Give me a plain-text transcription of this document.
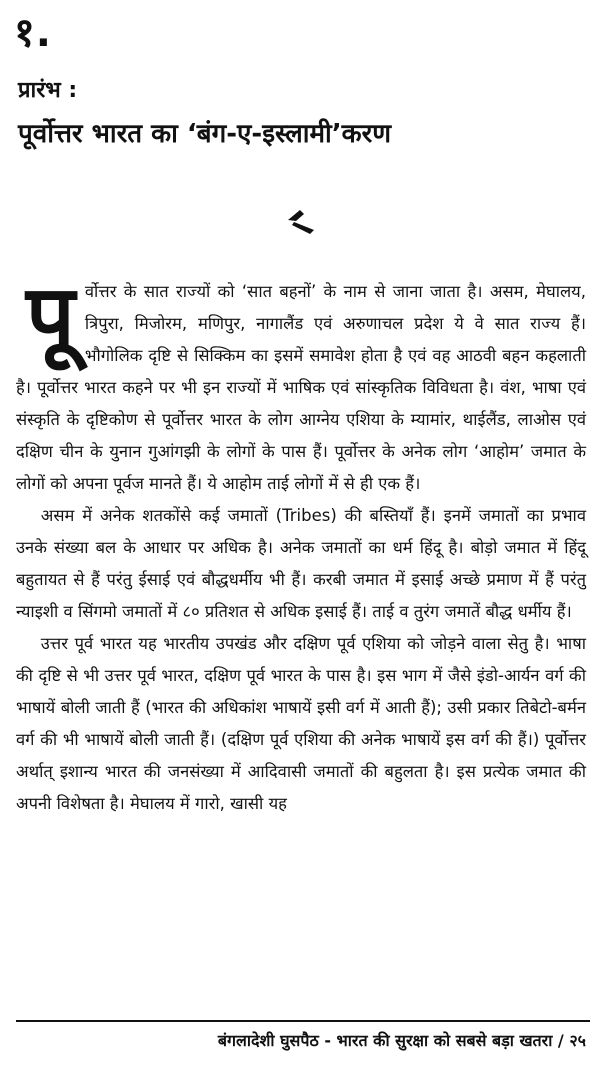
१.
प्रारंभ :
पूर्वोत्तर भारत का ‘बंग-ए-इस्लामी’करण

पूर्वोत्तर के सात राज्यों को ‘सात बहनों’ के नाम से जाना जाता है। असम, मेघालय, त्रिपुरा, मिजोरम, मणिपुर, नागालैंड एवं अरुणाचल प्रदेश ये वे सात राज्य हैं। भौगोलिक दृष्टि से सिक्किम का इसमें समावेश होता है एवं वह आठवी बहन कहलाती है। पूर्वोत्तर भारत कहने पर भी इन राज्यों में भाषिक एवं सांस्कृतिक विविधता है। वंश, भाषा एवं संस्कृति के दृष्टिकोण से पूर्वोत्तर भारत के लोग आग्नेय एशिया के म्यामांर, थाईलैंड, लाओस एवं दक्षिण चीन के युनान गुआंगझी के लोगों के पास हैं। पूर्वोत्तर के अनेक लोग ‘आहोम’ जमात के लोगों को अपना पूर्वज मानते हैं। ये आहोम ताई लोगों में से ही एक हैं।

असम में अनेक शतकोंसे कई जमातों (Tribes) की बस्तियाँ हैं। इनमें जमातों का प्रभाव उनके संख्या बल के आधार पर अधिक है। अनेक जमातों का धर्म हिंदू है। बोड़ो जमात में हिंदू बहुतायत से हैं परंतु ईसाई एवं बौद्धधर्मीय भी हैं। करबी जमात में इसाई अच्छे प्रमाण में हैं परंतु न्याइशी व सिंगमो जमातों में ८० प्रतिशत से अधिक इसाई हैं। ताई व तुरंग जमातें बौद्ध धर्मीय हैं।

उत्तर पूर्व भारत यह भारतीय उपखंड और दक्षिण पूर्व एशिया को जोड़ने वाला सेतु है। भाषा की दृष्टि से भी उत्तर पूर्व भारत, दक्षिण पूर्व भारत के पास है। इस भाग में जैसे इंडो-आर्यन वर्ग की भाषायें बोली जाती हैं (भारत की अधिकांश भाषायें इसी वर्ग में आती हैं); उसी प्रकार तिबेटो-बर्मन वर्ग की भी भाषायें बोली जाती हैं। (दक्षिण पूर्व एशिया की अनेक भाषायें इस वर्ग की हैं।) पूर्वोत्तर अर्थात् इशान्य भारत की जनसंख्या में आदिवासी जमातों की बहुलता है। इस प्रत्येक जमात की अपनी विशेषता है। मेघालय में गारो, खासी यह

बंगलादेशी घुसपैठ - भारत की सुरक्षा को सबसे बड़ा खतरा / २५
